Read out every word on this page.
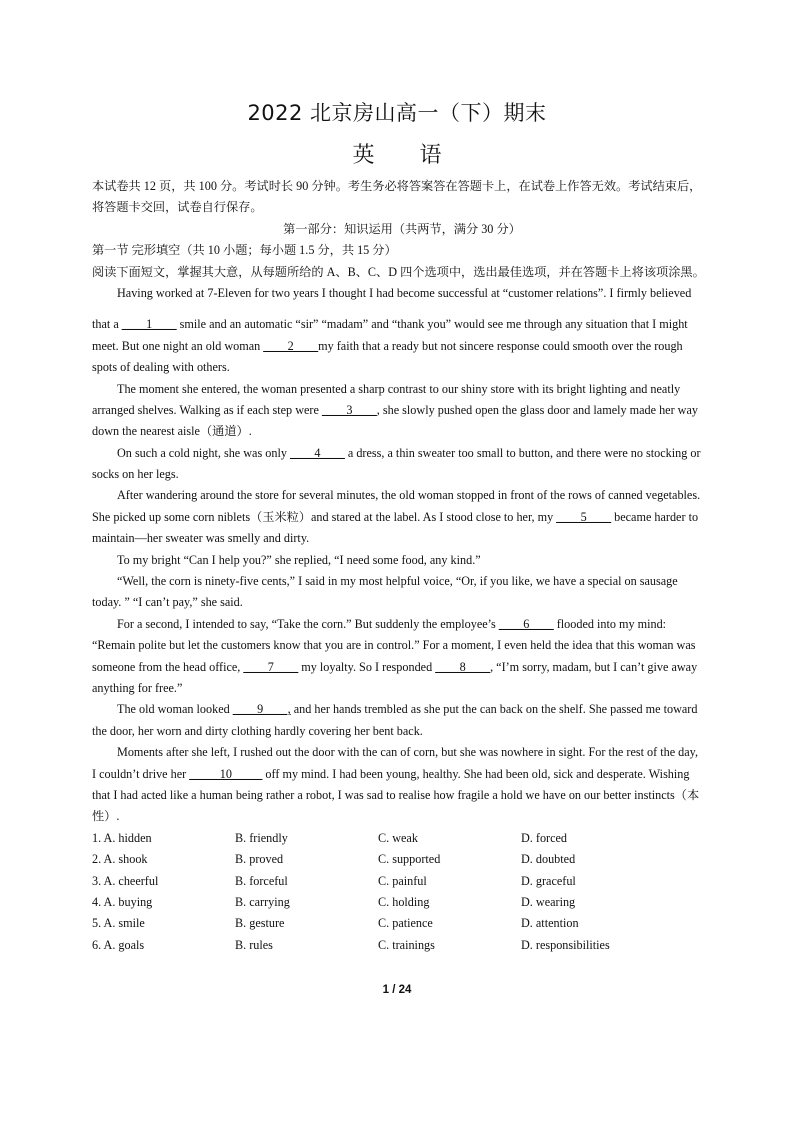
2022 北京房山高一（下）期末
英 语
本试卷共 12 页，共 100 分。考试时长 90 分钟。考生务必将答案答在答题卡上，在试卷上作答无效。考试结束后，
将答题卡交回，试卷自行保存。
第一部分：知识运用（共两节，满分 30 分）
第一节 完形填空（共 10 小题；每小题 1.5 分，共 15 分）
阅读下面短文，掌握其大意，从每题所给的 A、B、C、D 四个选项中，选出最佳选项，并在答题卡上将该项涂黑。
Having worked at 7-Eleven for two years I thought I had become successful at “customer relations”. I firmly believed
that a ____1____ smile and an automatic “sir” “madam” and “thank you” would see me through any situation that I might
meet. But one night an old woman ____2____my faith that a ready but not sincere response could smooth over the rough
spots of dealing with others.
The moment she entered, the woman presented a sharp contrast to our shiny store with its bright lighting and neatly
arranged shelves. Walking as if each step were ____3____, she slowly pushed open the glass door and lamely made her way
down the nearest aisle（通道）.
On such a cold night, she was only ____4____ a dress, a thin sweater too small to button, and there were no stocking or
socks on her legs.
After wandering around the store for several minutes, the old woman stopped in front of the rows of canned vegetables.
She picked up some corn niblets（玉米粒）and stared at the label. As I stood close to her, my ____5____ became harder to
maintain—her sweater was smelly and dirty.
To my bright “Can I help you?” she replied, “I need some food, any kind.”
“Well, the corn is ninety-five cents,” I said in my most helpful voice, “Or, if you like, we have a special on sausage
today. ” “I can’t pay,” she said.
For a second, I intended to say, “Take the corn.” But suddenly the employee’s ____6____ flooded into my mind:
“Remain polite but let the customers know that you are in control.” For a moment, I even held the idea that this woman was
someone from the head office, ____7____ my loyalty. So I responded ____8____, “I’m sorry, madam, but I can’t give away
anything for free.”
The old woman looked ____9____, and her hands trembled as she put the can back on the shelf. She passed me toward
the door, her worn and dirty clothing hardly covering her bent back.
Moments after she left, I rushed out the door with the can of corn, but she was nowhere in sight. For the rest of the day,
I couldn’t drive her _____10_____ off my mind. I had been young, healthy. She had been old, sick and desperate. Wishing
that I had acted like a human being rather a robot, I was sad to realise how fragile a hold we have on our better instincts（本
性）.
1. A. hidden	B. friendly	C. weak	D. forced
2. A. shook	B. proved	C. supported	D. doubted
3. A. cheerful	B. forceful	C. painful	D. graceful
4. A. buying	B. carrying	C. holding	D. wearing
5. A. smile	B. gesture	C. patience	D. attention
6. A. goals	B. rules	C. trainings	D. responsibilities
1 / 24
